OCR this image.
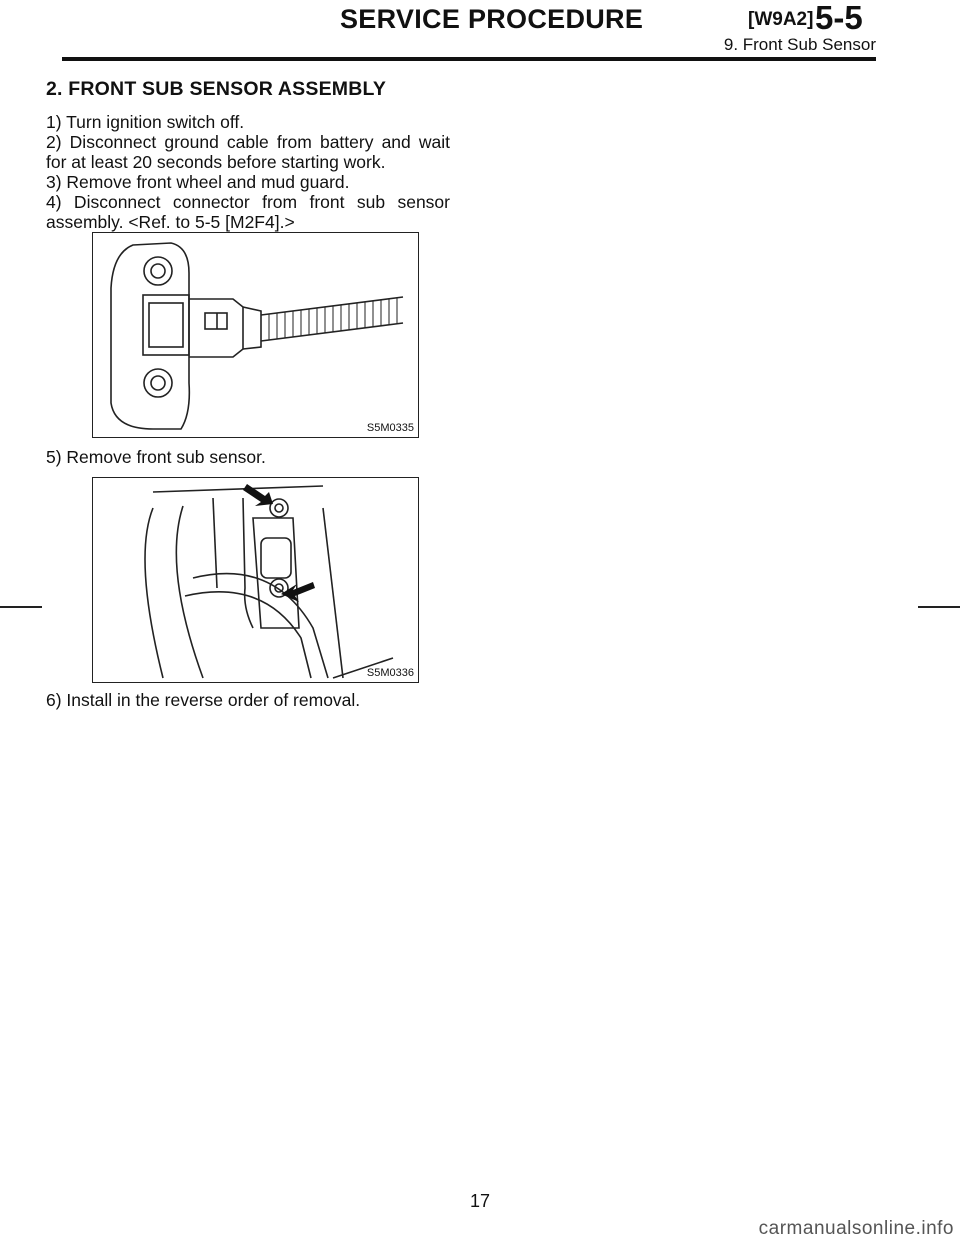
SERVICE PROCEDURE	[W9A2] 5-5
9. Front Sub Sensor
2. FRONT SUB SENSOR ASSEMBLY
1) Turn ignition switch off.
2) Disconnect ground cable from battery and wait
for at least 20 seconds before starting work.
3) Remove front wheel and mud guard.
4) Disconnect connector from front sub sensor
assembly. <Ref. to 5-5 [M2F4].>
S5M0335
5) Remove front sub sensor.
S5M0336
6) Install in the reverse order of removal.
17
carmanualsonline.info
